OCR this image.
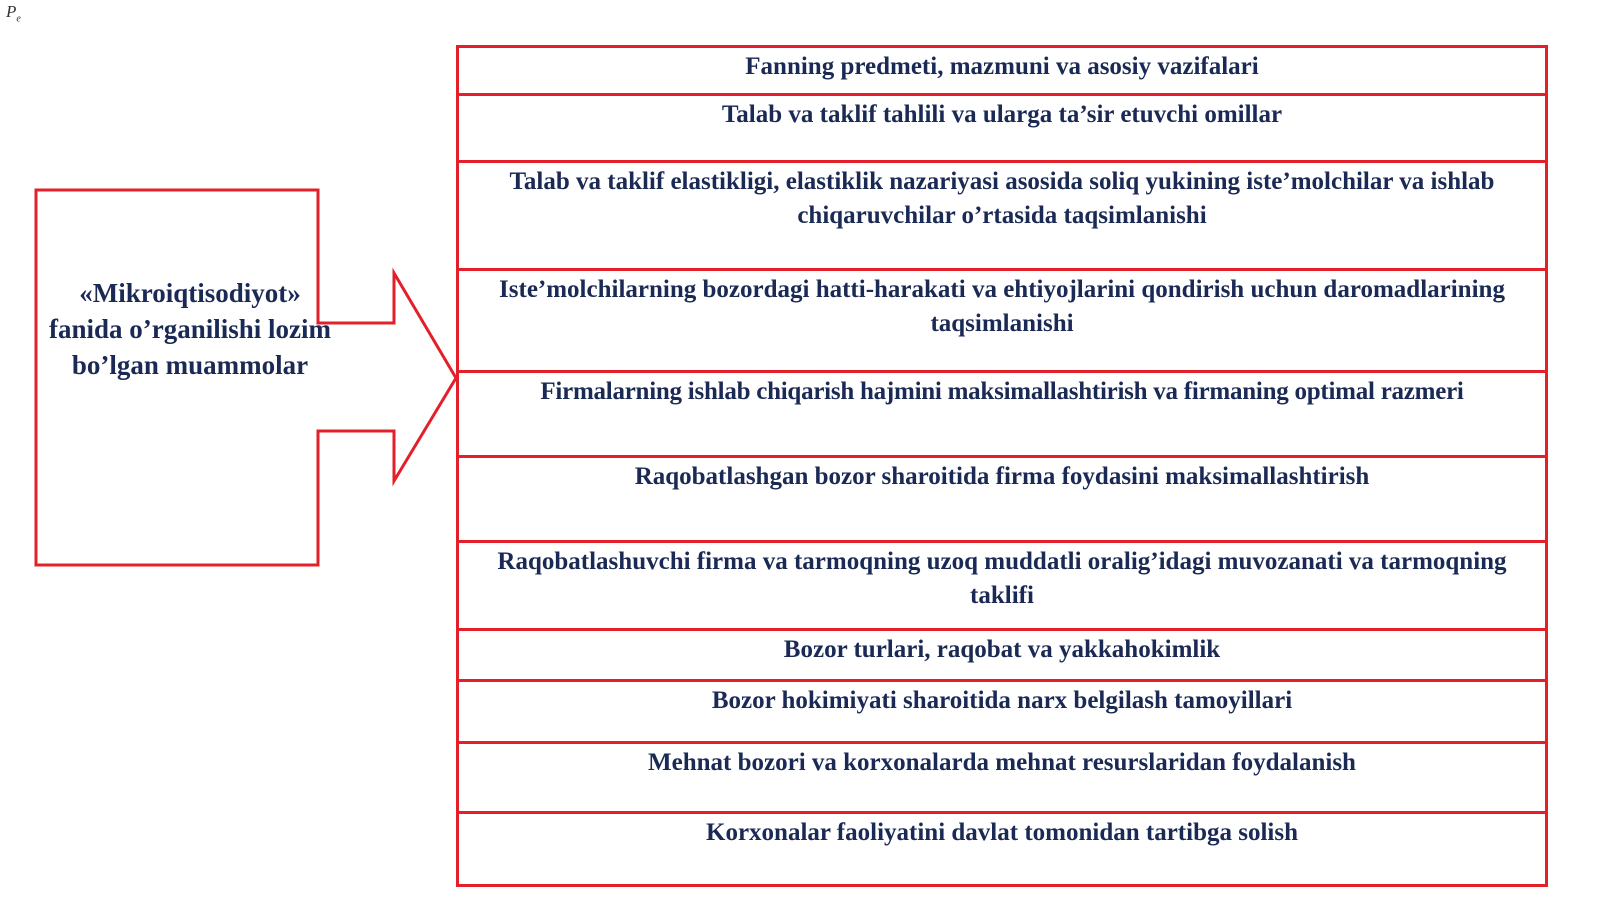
$P_e$
«Mikroiqtisodiyot» fanida o’rganilishi lozim bo’lgan muammolar
Fanning predmeti, mazmuni va asosiy vazifalari
Talab va taklif tahlili va ularga ta’sir etuvchi omillar
Talab va taklif elastikligi, elastiklik nazariyasi asosida soliq yukining iste’molchilar va ishlab chiqaruvchilar o’rtasida taqsimlanishi
Iste’molchilarning bozordagi hatti-harakati va ehtiyojlarini qondirish uchun daromadlarining taqsimlanishi
Firmalarning ishlab chiqarish hajmini maksimallashtirish va firmaning optimal razmeri
Raqobatlashgan bozor sharoitida firma foydasini maksimallashtirish
Raqobatlashuvchi firma va tarmoqning uzoq muddatli oralig’idagi muvozanati va tarmoqning taklifi
Bozor turlari, raqobat va yakkahokimlik
Bozor hokimiyati sharoitida narx belgilash tamoyillari
Mehnat bozori va korxonalarda mehnat resurslaridan foydalanish
Korxonalar faoliyatini davlat tomonidan tartibga solish
